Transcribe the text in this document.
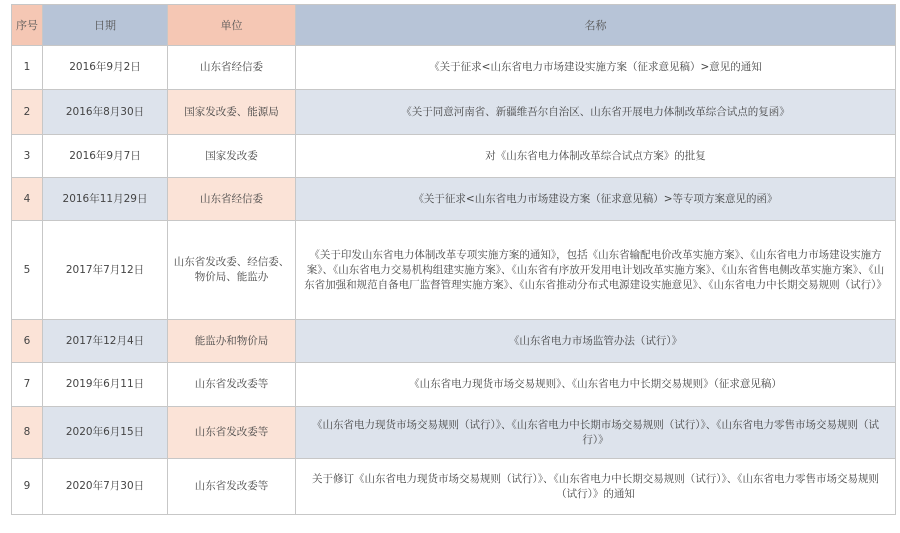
序号	日期	单位	名称
1	2016年9月2日	山东省经信委	《关于征求<山东省电力市场建设实施方案（征求意见稿）>意见的通知
2	2016年8月30日	国家发改委、能源局	《关于同意河南省、新疆维吾尔自治区、山东省开展电力体制改革综合试点的复函》
3	2016年9月7日	国家发改委	对《山东省电力体制改革综合试点方案》的批复
4	2016年11月29日	山东省经信委	《关于征求<山东省电力市场建设方案（征求意见稿）>等专项方案意见的函》
5	2017年7月12日	山东省发改委、经信委、物价局、能监办	《关于印发山东省电力体制改革专项实施方案的通知》，包括《山东省输配电价改革实施方案》、《山东省电力市场建设实施方案》、《山东省电力交易机构组建实施方案》、《山东省有序放开发用电计划改革实施方案》、《山东省售电侧改革实施方案》、《山东省加强和规范自备电厂监督管理实施方案》、《山东省推动分布式电源建设实施意见》、《山东省电力中长期交易规则（试行）》
6	2017年12月4日	能监办和物价局	《山东省电力市场监管办法（试行）》
7	2019年6月11日	山东省发改委等	《山东省电力现货市场交易规则》、《山东省电力中长期交易规则》（征求意见稿）
8	2020年6月15日	山东省发改委等	《山东省电力现货市场交易规则（试行）》、《山东省电力中长期市场交易规则（试行）》、《山东省电力零售市场交易规则（试行）》
9	2020年7月30日	山东省发改委等	关于修订《山东省电力现货市场交易规则（试行）》、《山东省电力中长期交易规则（试行）》、《山东省电力零售市场交易规则（试行）》的通知
